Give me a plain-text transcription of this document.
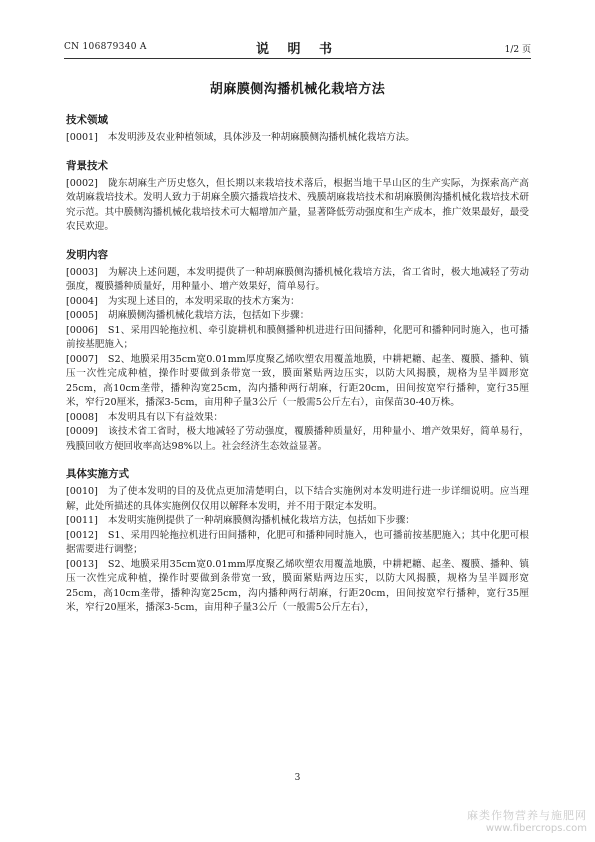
CN 106879340 A	说 明 书	1/2 页
胡麻膜侧沟播机械化栽培方法
技术领域

[0001] 本发明涉及农业种植领域，具体涉及一种胡麻膜侧沟播机械化栽培方法。

背景技术

[0002] 陇东胡麻生产历史悠久，但长期以来栽培技术落后，根据当地干旱山区的生产实际，为探索高产高效胡麻栽培技术。发明人致力于胡麻全膜穴播栽培技术、残膜胡麻栽培技术和胡麻膜侧沟播机械化栽培技术研究示范。其中膜侧沟播机械化栽培技术可大幅增加产量，显著降低劳动强度和生产成本，推广效果最好，最受农民欢迎。

发明内容

[0003] 为解决上述问题，本发明提供了一种胡麻膜侧沟播机械化栽培方法，省工省时，极大地减轻了劳动强度，覆膜播种质量好，用种量小、增产效果好，简单易行。

[0004] 为实现上述目的，本发明采取的技术方案为：

[0005] 胡麻膜侧沟播机械化栽培方法，包括如下步骤：

[0006] S1、采用四轮拖拉机、牵引旋耕机和膜侧播种机进进行田间播种，化肥可和播种同时施入，也可播前按基肥施入；

[0007] S2、地膜采用35cm宽0.01mm厚度聚乙烯吹塑农用覆盖地膜，中耕耙耱、起垄、覆膜、播种、镇压一次性完成种植，操作时要做到条带宽一致，膜面紧贴两边压实，以防大风揭膜，规格为呈半圆形宽25cm，高10cm垄带，播种沟宽25cm，沟内播种两行胡麻，行距20cm，田间按宽窄行播种，宽行35厘米，窄行20厘米，播深3-5cm，亩用种子量3公斤（一般需5公斤左右），亩保苗30-40万株。

[0008] 本发明具有以下有益效果：

[0009] 该技术省工省时，极大地减轻了劳动强度，覆膜播种质量好，用种量小、增产效果好，简单易行，残膜回收方便回收率高达98%以上。社会经济生态效益显著。

具体实施方式

[0010] 为了使本发明的目的及优点更加清楚明白，以下结合实施例对本发明进行进一步详细说明。应当理解，此处所描述的具体实施例仅仅用以解释本发明，并不用于限定本发明。

[0011] 本发明实施例提供了一种胡麻膜侧沟播机械化栽培方法，包括如下步骤：

[0012] S1、采用四轮拖拉机进行田间播种，化肥可和播种同时施入，也可播前按基肥施入；其中化肥可根据需要进行调整；

[0013] S2、地膜采用35cm宽0.01mm厚度聚乙烯吹塑农用覆盖地膜，中耕耙耱、起垄、覆膜、播种、镇压一次性完成种植，操作时要做到条带宽一致，膜面紧贴两边压实，以防大风揭膜，规格为呈半圆形宽25cm，高10cm垄带，播种沟宽25cm，沟内播种两行胡麻，行距20cm，田间按宽窄行播种，宽行35厘米，窄行20厘米，播深3-5cm，亩用种子量3公斤（一般需5公斤左右），

3
麻类作物营养与施肥网
www.fibercrops.com
